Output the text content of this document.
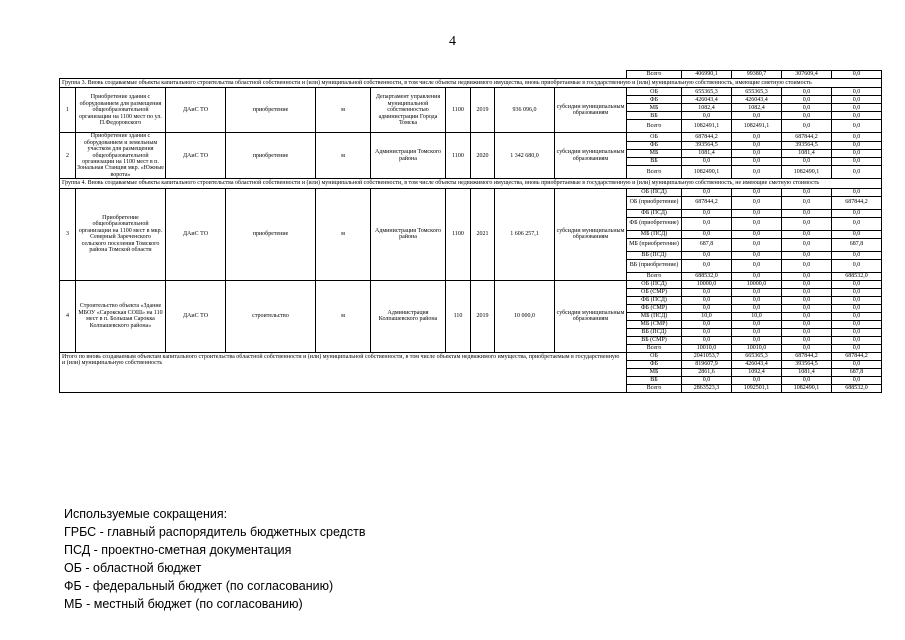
4
										Всего	406990,1	99380,7	307609,4	0,0
Группа 3. Вновь создаваемые объекты капитального строительства областной собственности и (или) муниципальной собственности, в том числе объекты недвижимого имущества, вновь приобретаемые в государственную и (или) муниципальную собственность, имеющие сметную стоимость														
1	Приобретение здания с оборудованием для размещения общеобразовательной организации на 1100 мест по ул. П.Федоровского	ДАиС ТО	приобретение	м	Департамент управления муниципальной собственностью администрации Города Томска	1100	2019	936 096,0	субсидии муниципальным образованиям	ОБ	655365,3	655365,3	0,0	0,0
										ФБ	426043,4	426043,4	0,0	0,0
										МБ	1082,4	1082,4	0,0	0,0
										ВБ	0,0	0,0	0,0	0,0
										Всего	1082491,1	1082491,1	0,0	0,0
2	Приобретение здания с оборудованием и земельным участком для размещения общеобразовательной организации на 1100 мест в п. Зональная Станция мкр. «Южные ворота»	ДАиС ТО	приобретение	м	Администрация Томского района	1100	2020	1 342 680,0	субсидии муниципальным образованиям	ОБ	687844,2	0,0	687844,2	0,0
										ФБ	393564,5	0,0	393564,5	0,0
										МБ	1081,4	0,0	1081,4	0,0
										ВБ	0,0	0,0	0,0	0,0
										Всего	1082490,1	0,0	1082490,1	0,0
Группа 4. Вновь создаваемые объекты капитального строительства областной собственности и (или) муниципальной собственности, в том числе объекты недвижимого имущества, вновь приобретаемые в государственную и (или) муниципальную собственность, не имеющие сметную стоимость														
3	Приобретение общеобразовательной организации на 1100 мест в мкр. Северный Зареченского сельского поселения Томского района Томской области	ДАиС ТО	приобретение	м	Администрация Томского района	1100	2021	1 606 257,1	субсидии муниципальным образованиям	ОБ (ПСД)	0,0	0,0	0,0	0,0
										ОБ (приобретение)	687844,2	0,0	0,0	687844,2
										ФБ (ПСД)	0,0	0,0	0,0	0,0
										ФБ (приобретение)	0,0	0,0	0,0	0,0
										МБ (ПСД)	0,0	0,0	0,0	0,0
										МБ (приобретение)	687,8	0,0	0,0	687,8
										ВБ (ПСД)	0,0	0,0	0,0	0,0
										ВБ (приобретение)	0,0	0,0	0,0	0,0
										Всего	688532,0	0,0	0,0	688532,0
4	Строительство объекта «Здание МБОУ «Сарокская СОШ» на 110 мест в п. Большая Сарокка Колпашевского района»	ДАиС ТО	строительство	м	Администрация Колпашевского района	110	2019	10 000,0	субсидии муниципальным образованиям	ОБ (ПСД)	10000,0	10000,0	0,0	0,0
										ОБ (СМР)	0,0	0,0	0,0	0,0
										ФБ (ПСД)	0,0	0,0	0,0	0,0
										ФБ (СМР)	0,0	0,0	0,0	0,0
										МБ (ПСД)	10,0	10,0	0,0	0,0
										МБ (СМР)	0,0	0,0	0,0	0,0
										ВБ (ПСД)	0,0	0,0	0,0	0,0
										ВБ (СМР)	0,0	0,0	0,0	0,0
										Всего	10010,0	10010,0	0,0	0,0
Итого по вновь создаваемым объектам капитального строительства областной собственности и (или) муниципальной собственности, в том числе объектам недвижимого имущества, приобретаемым в государственную и (или) муниципальную собственность										ОБ	2041053,7	665365,3	687844,2	687844,2
										ФБ	819607,9	426043,4	393564,5	0,0
										МБ	2861,6	1092,4	1081,4	687,8
										ВБ	0,0	0,0	0,0	0,0
										Всего	2863523,3	1092501,1	1082490,1	688532,0
Используемые сокращения:
ГРБС - главный распорядитель бюджетных средств
ПСД - проектно-сметная документация
ОБ - областной бюджет
ФБ - федеральный бюджет (по согласованию)
МБ - местный бюджет (по согласованию)
